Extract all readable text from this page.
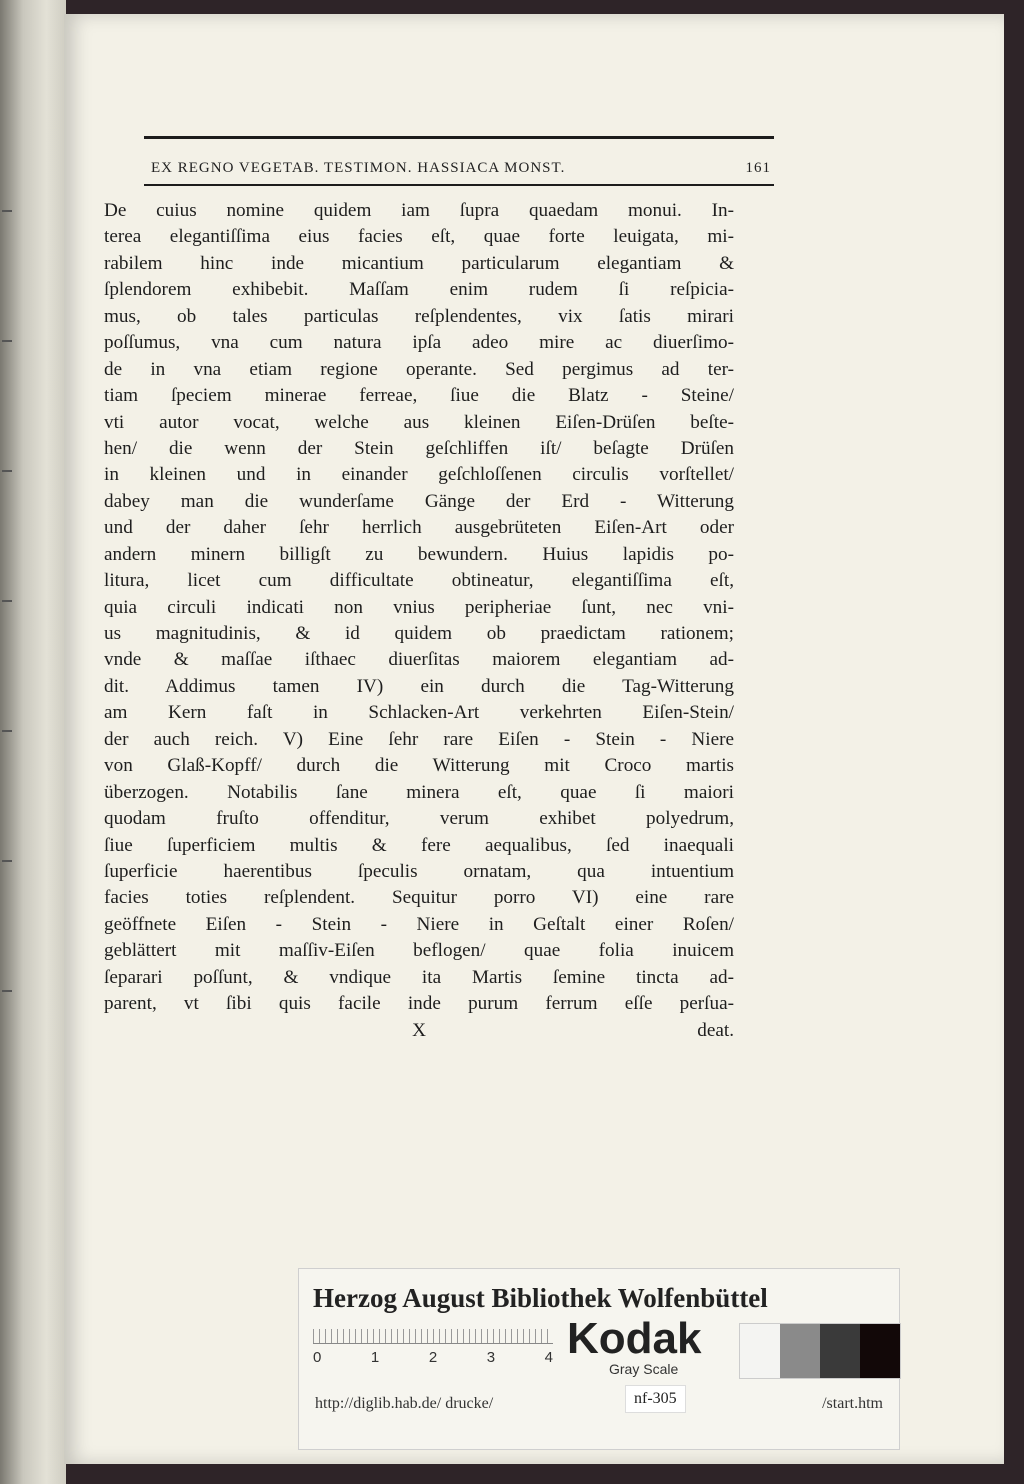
EX REGNO VEGETAB. TESTIMON. HASSIACA MONST.	161
De cuius nomine quidem iam ſupra quaedam monui. In-
terea elegantiſſima eius facies eſt, quae forte leuigata, mi-
rabilem hinc inde micantium particularum elegantiam &
ſplendorem exhibebit. Maſſam enim rudem ſi reſpicia-
mus, ob tales particulas reſplendentes, vix ſatis mirari
poſſumus, vna cum natura ipſa adeo mire ac diuerſimo-
de in vna etiam regione operante. Sed pergimus ad ter-
tiam ſpeciem minerae ferreae, ſiue die Blatz - Steine/
vti autor vocat, welche aus kleinen Eiſen-Drüſen beſte-
hen/ die wenn der Stein geſchliffen iſt/ beſagte Drüſen
in kleinen und in einander geſchloſſenen circulis vorſtellet/
dabey man die wunderſame Gänge der Erd - Witterung
und der daher ſehr herrlich ausgebrüteten Eiſen-Art oder
andern minern billigſt zu bewundern. Huius lapidis po-
litura, licet cum difficultate obtineatur, elegantiſſima eſt,
quia circuli indicati non vnius peripheriae ſunt, nec vni-
us magnitudinis, & id quidem ob praedictam rationem;
vnde & maſſae iſthaec diuerſitas maiorem elegantiam ad-
dit. Addimus tamen IV) ein durch die Tag-Witterung
am Kern faſt in Schlacken-Art verkehrten Eiſen-Stein/
der auch reich. V) Eine ſehr rare Eiſen - Stein - Niere
von Glaß-Kopff/ durch die Witterung mit Croco martis
überzogen. Notabilis ſane minera eſt, quae ſi maiori
quodam fruſto offenditur, verum exhibet polyedrum,
ſiue ſuperficiem multis & fere aequalibus, ſed inaequali
ſuperficie haerentibus ſpeculis ornatam, qua intuentium
facies toties reſplendent. Sequitur porro VI) eine rare
geöffnete Eiſen - Stein - Niere in Geſtalt einer Roſen/
geblättert mit maſſiv-Eiſen beflogen/ quae folia inuicem
ſeparari poſſunt, & vndique ita Martis ſemine tincta ad-
parent, vt ſibi quis facile inde purum ferrum eſſe perſua-
X	deat.
Herzog August Bibliothek Wolfenbüttel
0	1	2	3	4 Kodak
Gray Scale
http://diglib.hab.de/ drucke/	nf-305	/start.htm
